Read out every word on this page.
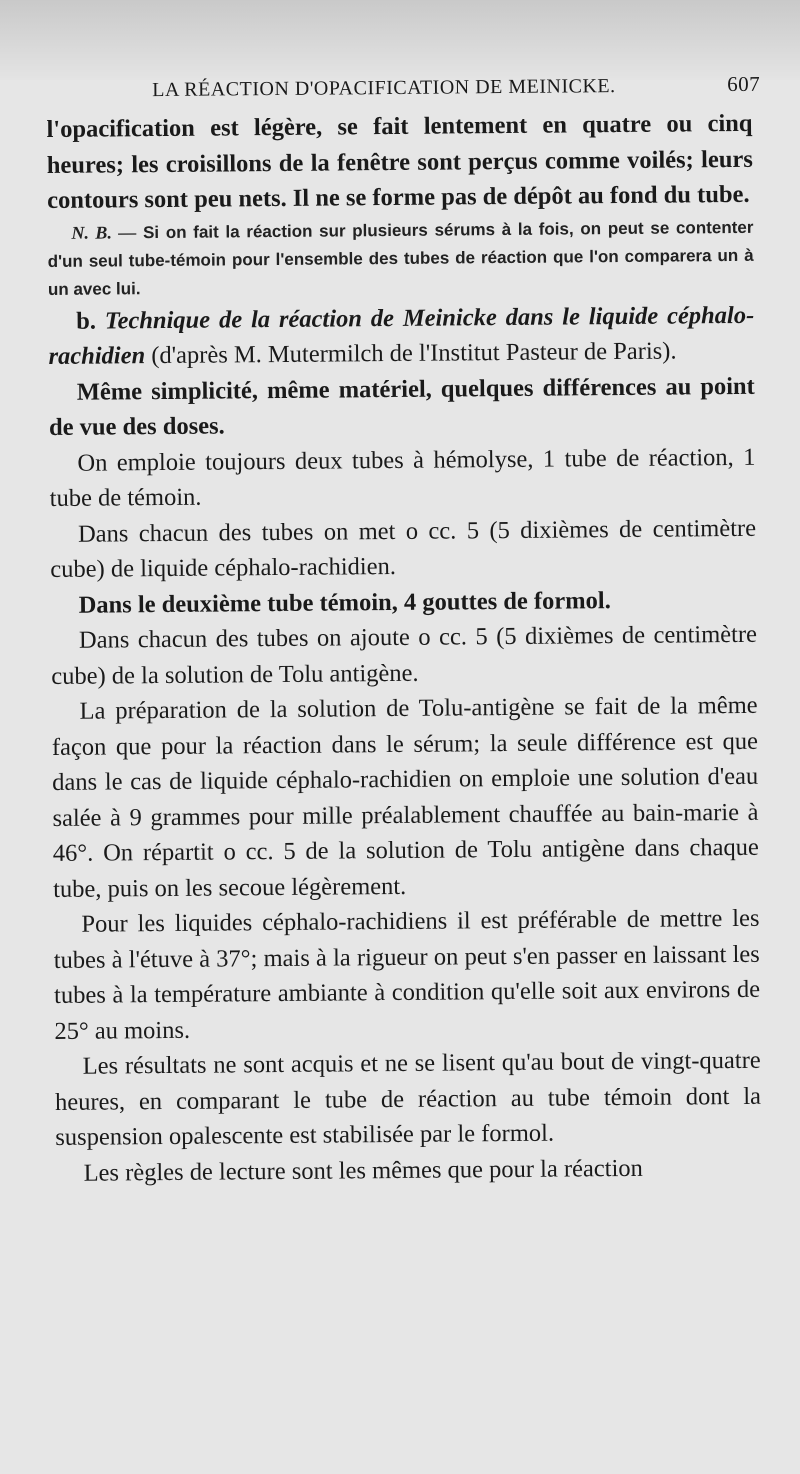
LA RÉACTION D'OPACIFICATION DE MEINICKE.	607

l'opacification est légère, se fait lentement en quatre ou cinq heures; les croisillons de la fenêtre sont perçus comme voilés; leurs contours sont peu nets. Il ne se forme pas de dépôt au fond du tube.

N. B. — Si on fait la réaction sur plusieurs sérums à la fois, on peut se contenter d'un seul tube-témoin pour l'ensemble des tubes de réaction que l'on comparera un à un avec lui.

b. Technique de la réaction de Meinicke dans le liquide céphalo-rachidien (d'après M. Mutermilch de l'Institut Pasteur de Paris).

Même simplicité, même matériel, quelques différences au point de vue des doses.

On emploie toujours deux tubes à hémolyse, 1 tube de réaction, 1 tube de témoin.

Dans chacun des tubes on met o cc. 5 (5 dixièmes de centimètre cube) de liquide céphalo-rachidien.

Dans le deuxième tube témoin, 4 gouttes de formol.

Dans chacun des tubes on ajoute o cc. 5 (5 dixièmes de centimètre cube) de la solution de Tolu antigène.

La préparation de la solution de Tolu-antigène se fait de la même façon que pour la réaction dans le sérum; la seule différence est que dans le cas de liquide céphalo-rachidien on emploie une solution d'eau salée à 9 grammes pour mille préalablement chauffée au bain-marie à 46°. On répartit o cc. 5 de la solution de Tolu antigène dans chaque tube, puis on les secoue légèrement.

Pour les liquides céphalo-rachidiens il est préférable de mettre les tubes à l'étuve à 37°; mais à la rigueur on peut s'en passer en laissant les tubes à la température ambiante à condition qu'elle soit aux environs de 25° au moins.

Les résultats ne sont acquis et ne se lisent qu'au bout de vingt-quatre heures, en comparant le tube de réaction au tube témoin dont la suspension opalescente est stabilisée par le formol.

Les règles de lecture sont les mêmes que pour la réaction
